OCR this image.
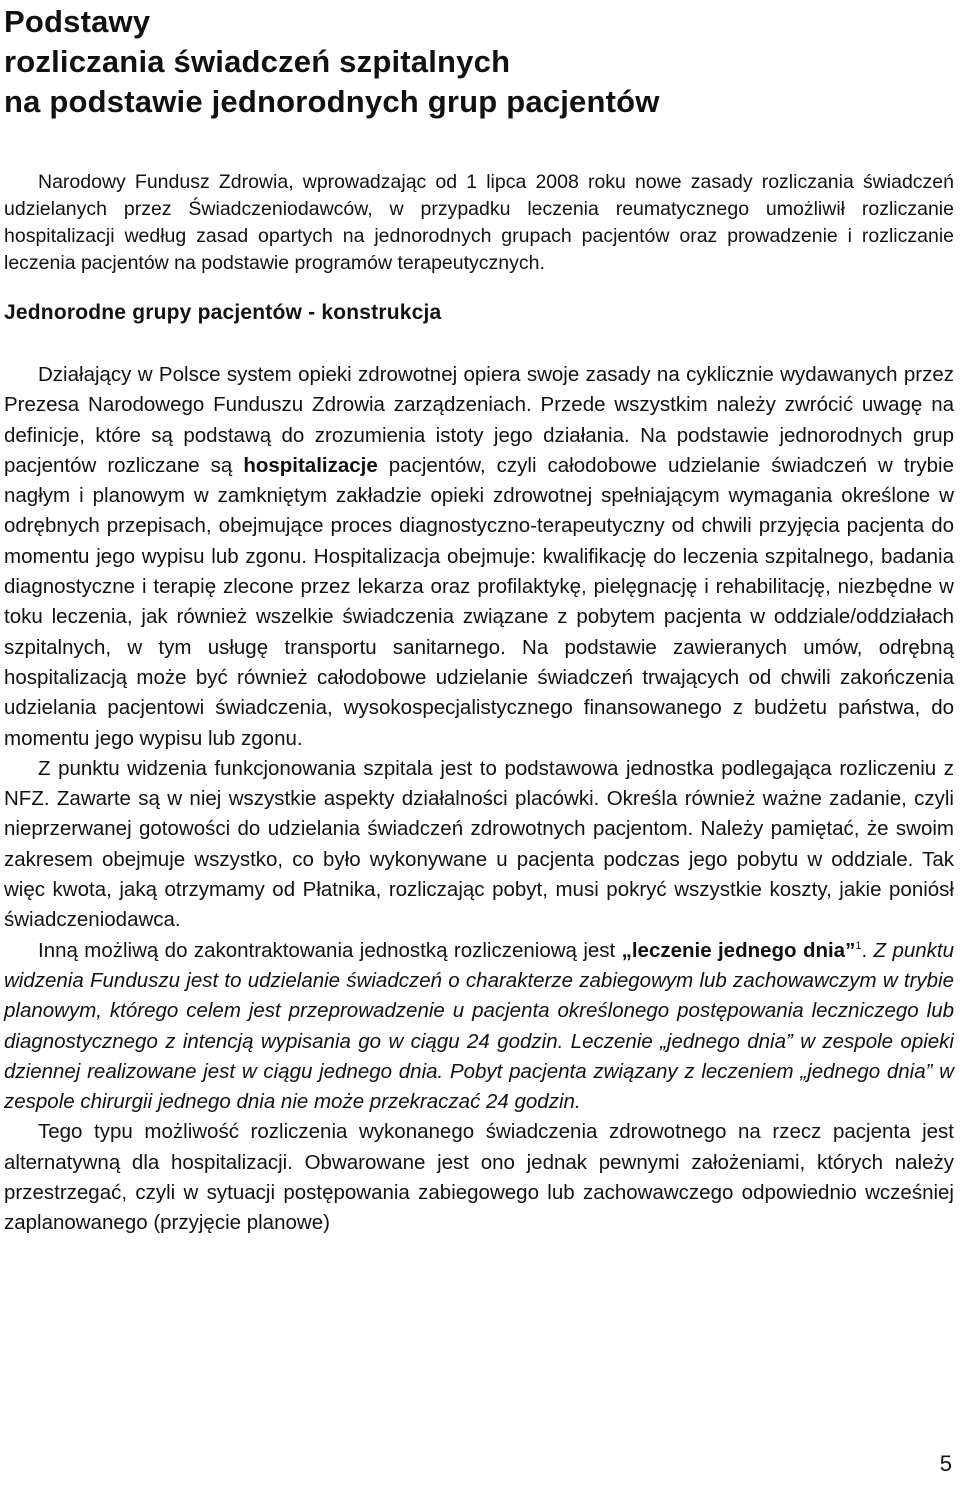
Podstawy
rozliczania świadczeń szpitalnych
na podstawie jednorodnych grup pacjentów

Narodowy Fundusz Zdrowia, wprowadzając od 1 lipca 2008 roku nowe zasady rozliczania świadczeń udzielanych przez Świadczeniodawców, w przypadku leczenia reumatycznego umożliwił rozliczanie hospitalizacji według zasad opartych na jednorodnych grupach pacjentów oraz prowadzenie i rozliczanie leczenia pacjentów na podstawie programów terapeutycznych.

Jednorodne grupy pacjentów - konstrukcja

Działający w Polsce system opieki zdrowotnej opiera swoje zasady na cyklicznie wydawanych przez Prezesa Narodowego Funduszu Zdrowia zarządzeniach. Przede wszystkim należy zwrócić uwagę na definicje, które są podstawą do zrozumienia istoty jego działania. Na podstawie jednorodnych grup pacjentów rozliczane są hospitalizacje pacjentów, czyli całodobowe udzielanie świadczeń w trybie nagłym i planowym w zamkniętym zakładzie opieki zdrowotnej spełniającym wymagania określone w odrębnych przepisach, obejmujące proces diagnostyczno-terapeutyczny od chwili przyjęcia pacjenta do momentu jego wypisu lub zgonu. Hospitalizacja obejmuje: kwalifikację do leczenia szpitalnego, badania diagnostyczne i terapię zlecone przez lekarza oraz profilaktykę, pielęgnację i rehabilitację, niezbędne w toku leczenia, jak również wszelkie świadczenia związane z pobytem pacjenta w oddziale/oddziałach szpitalnych, w tym usługę transportu sanitarnego. Na podstawie zawieranych umów, odrębną hospitalizacją może być również całodobowe udzielanie świadczeń trwających od chwili zakończenia udzielania pacjentowi świadczenia, wysokospecjalistycznego finansowanego z budżetu państwa, do momentu jego wypisu lub zgonu.

Z punktu widzenia funkcjonowania szpitala jest to podstawowa jednostka podlegająca rozliczeniu z NFZ. Zawarte są w niej wszystkie aspekty działalności placówki. Określa również ważne zadanie, czyli nieprzerwanej gotowości do udzielania świadczeń zdrowotnych pacjentom. Należy pamiętać, że swoim zakresem obejmuje wszystko, co było wykonywane u pacjenta podczas jego pobytu w oddziale. Tak więc kwota, jaką otrzymamy od Płatnika, rozliczając pobyt, musi pokryć wszystkie koszty, jakie poniósł świadczeniodawca.

Inną możliwą do zakontraktowania jednostką rozliczeniową jest „leczenie jednego dnia”$^1$. Z punktu widzenia Funduszu jest to udzielanie świadczeń o charakterze zabiegowym lub zachowawczym w trybie planowym, którego celem jest przeprowadzenie u pacjenta określonego postępowania leczniczego lub diagnostycznego z intencją wypisania go w ciągu 24 godzin. Leczenie „jednego dnia” w zespole opieki dziennej realizowane jest w ciągu jednego dnia. Pobyt pacjenta związany z leczeniem „jednego dnia” w zespole chirurgii jednego dnia nie może przekraczać 24 godzin.

Tego typu możliwość rozliczenia wykonanego świadczenia zdrowotnego na rzecz pacjenta jest alternatywną dla hospitalizacji. Obwarowane jest ono jednak pewnymi założeniami, których należy przestrzegać, czyli w sytuacji postępowania zabiegowego lub zachowawczego odpowiednio wcześniej zaplanowanego (przyjęcie planowe)

5
